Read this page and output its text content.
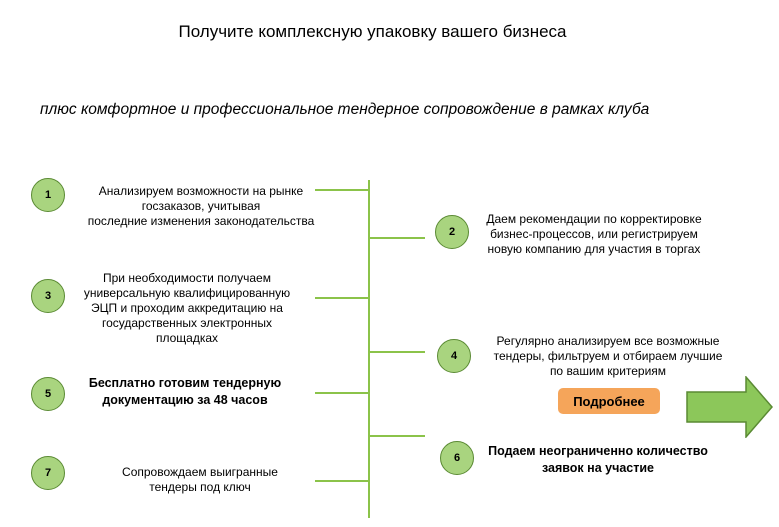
Получите комплексную упаковку вашего бизнеса
плюс комфортное и профессиональное тендерное сопровождение в рамках клуба
1	Анализируем возможности на рынке
госзаказов, учитывая
последние изменения законодательства
2
Даем рекомендации по корректировке
бизнес-процессов, или регистрируем
новую компанию для участия в торгах
3
При необходимости получаем
универсальную квалифицированную
ЭЦП и проходим аккредитацию на
государственных электронных
площадках
4
Регулярно анализируем все возможные
тендеры, фильтруем и отбираем лучшие
по вашим критериям
5
Бесплатно готовим тендерную
документацию за 48 часов
6	Подаем неограниченно количество
заявок на участие
7	Сопровождаем выигранные
тендеры под ключ
Подробнее
